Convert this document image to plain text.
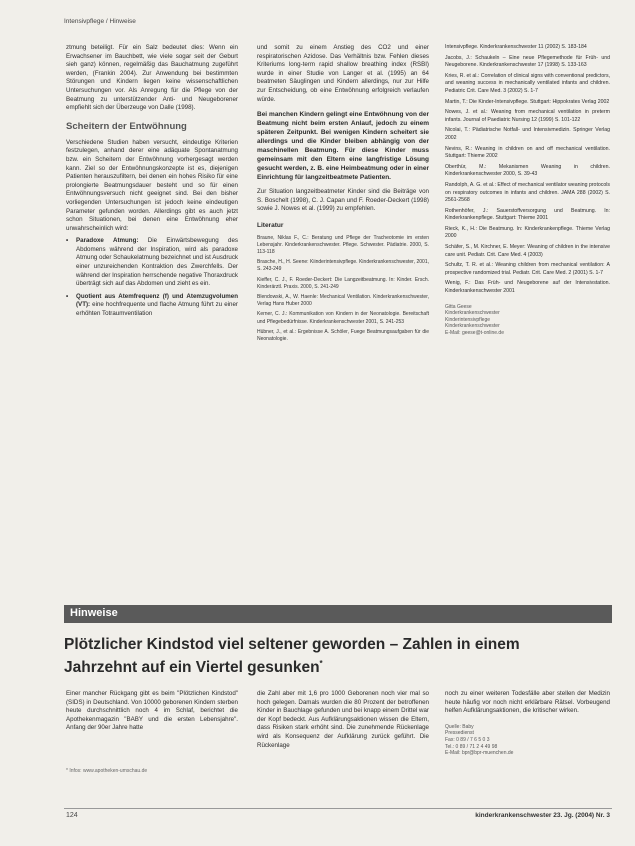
Intensivpflege / Hinweise

ztmung beteiligt. Für ein Salz bedeutet dies: Wenn ein Erwachsener im Bauchbett, wie viele sogar seit der Geburt sieh ganz) können, regelmäßig das Bauchatmung zugeführt werden, (Frankin 2004). Zur Anwendung bei bestimmten Störungen und Kindern liegen keine wissenschaftlichen Untersuchungen vor. Als Anregung für die Pflege von der Beatmung zu unterstützender Anti- und Neugeborener empfiehlt sich der Überzeuge von Dalle (1998).

Scheitern der Entwöhnung

Verschiedene Studien haben versucht, eindeutige Kriterien festzulegen, anhand derer eine adäquate Spontanatmung bzw. ein Scheitern der Entwöhnung vorhergesagt werden kann. Ziel so der Entwöhnungskonzepte ist es, diejenigen Patienten herauszufiltern, bei denen ein hohes Risiko für eine prolongierte Beatmungsdauer besteht und so für einen Entwöhnungsversuch nicht geeignet sind. Bei den bisher vorliegenden Untersuchungen ist jedoch keine eindeutigen Parameter gefunden worden. Allerdings gibt es auch jetzt schon Situationen, bei denen eine Entwöhnung eher unwahrscheinlich wird:

• Paradoxe Atmung: Die Einwärtsbewegung des Abdomens während der Inspiration, wird als paradoxe Atmung oder Schaukelatmung bezeichnet und ist Ausdruck einer unzureichenden Kontraktion des Zwerchfells. Der während der Inspiration herrschende negative Thoraxdruck überträgt sich auf das Abdomen und zieht es ein.
• Quotient aus Atemfrequenz (f) und Atemzugvolumen (VT): eine hochfrequente und flache Atmung führt zu einer erhöhten Totraumventilation

und somit zu einem Anstieg des CO2 und einer respiratorischen Azidose. Das Verhältnis bzw. Fehlen dieses Kriteriums long-term rapid shallow breathing index (RSBI) wurde in einer Studie von Langer et al. (1995) an 64 beatmeten Säuglingen und Kindern allerdings, nur zur Hilfe zur Entscheidung, ob eine Entwöhnung erfolgreich verlaufen würde.

Bei manchen Kindern gelingt eine Entwöhnung von der Beatmung nicht beim ersten Anlauf, jedoch zu einem späteren Zeitpunkt. Bei wenigen Kindern scheitert sie allerdings und die Kinder bleiben abhängig von der maschinellen Beatmung. Für diese Kinder muss gemeinsam mit den Eltern eine langfristige Lösung gesucht werden, z. B. eine Heimbeatmung oder in einer Einrichtung für langzeitbeatmete Patienten.

Zur Situation langzeitbeatmeter Kinder sind die Beiträge von S. Boschelt (1998), C. J. Capan und F. Roeder-Deckert (1998) sowie J. Nowes et al. (1999) zu empfehlen.

Literatur

Braune, Niklas F., C.: Beratung und Pflege der Tracheotomie im ersten Lebensjahr. Kinderkrankenschwester. Pflege. Schwester. Pädiatrie. 2000, S. 113-118

Brasche, H., H. Seene: Kiinderintensivpflege. Kinderkrankenschwester, 2001, S. 243-249

Kieffer, C. J., F. Roeder-Deckert: Die Langzeitbeatmung. In: Kinder. Ersch. Kinderärztl. Praxis. 2000, S. 241-249

Blendowski, A., W. Haenle: Mechanical Ventilation. Kinderkrankenschwester, Verlag Hans Huber 2000

Kerner, C. J.: Kommunikation von Kindern in der Neonatologie. Bereitschaft und Pflegebedürfnisse. Kinderkrankenschwester 2001, S. 241-253

Hübner, J., et al.: Ergebnisse A. Schöler, Fuege Beatmungsaufgaben für die Neonatologie.

Intensivpflege. Kinderkrankenschwester 11 (2002) S. 183-184

Jacobs, J.: Schaukeln – Eine neue Pflegemethode für Früh- und Neugeborene. Kinderkrankenschwester 17 (1998) S. 133-163

Kries, R. et al.: Correlation of clinical signs with conventional predictors, and weaning success in mechanically ventilated infants and children. Pediatric Crit. Care Med. 3 (2002) S. 1-7

Martin, T.: Die Kinder-Intensivpflege. Stuttgart: Hippokrates Verlag 2002

Nowes, J. et al.: Weaning from mechanical ventilation in preterm infants. Journal of Paediatric Nursing 12 (1999) S. 101-122

Nicolai, T.: Pädiatrische Notfall- und Intensivmedizin. Springer Verlag 2002

Nevins, R.: Weaning in children on and off mechanical ventilation. Stuttgart: Thieme 2002

Oberthür, M.: Mekanismen Weaning in children. Kinderkrankenschwester 2000, S. 39-43

Randolph, A. G. et al.: Effect of mechanical ventilator weaning protocols on respiratory outcomes in infants and children. JAMA 288 (2002) S. 2561-2568

Rothenhöfer, J.: Sauerstoffversorgung und Beatmung. In: Kinderkrankenpflege. Stuttgart: Thieme 2001

Rieck, K., H.: Die Beatmung. In: Kinderkrankenpflege. Thieme Verlag 2000

Schäfer, S., M. Kirchner, E. Meyer: Weaning of children in the intensive care unit. Pediatr. Crit. Care Med. 4 (2003)

Schultz, T. R. et al.: Weaning children from mechanical ventilation: A prospective randomized trial. Pediatr. Crit. Care Med. 2 (2001) S. 1-7

Wenig, F.: Das Früh- und Neugeborene auf der Intensivstation. Kinderkrankenschwester 2001

Gitta Geese
Kinderkrankenschwester
Kinderintensivpflege
Kinderkrankenschwester
E-Mail: geese@t-online.de
Hinweise
Plötzlicher Kindstod viel seltener geworden – Zahlen in einem Jahrzehnt auf ein Viertel gesunken*

Einer mancher Rückgang gibt es beim "Plötzlichen Kindstod" (SIDS) in Deutschland. Von 10000 geborenen Kindern sterben heute durchschnittlich noch 4 im Schlaf, berichtet die Apothekenmagazin "BABY und die ersten Lebensjahre". Anfang der 90er Jahre hatte

die Zahl aber mit 1,6 pro 1000 Geborenen noch vier mal so hoch gelegen. Damals wurden die 80 Prozent der betroffenen Kinder in Bauchlage gefunden und bei knapp einem Drittel war der Kopf bedeckt. Aus Aufklärungsaktionen wissen die Eltern, dass Risiken stark erhöht sind. Die zunehmende Rückenlage wird als Konsequenz der Aufklärung zurück geführt. Die Rückenlage

noch zu einer weiteren Todesfälle aber stellen der Medizin heute häufig vor noch nicht erklärbare Rätsel. Vorbeugend helfen Aufklärungsaktionen, die kritischer wirken.

Quelle: Baby
Pressedienst
Fax: 0 89 / 7 6 5 0 3
Tel.: 0 89 / 71 2 4 49 98
E-Mail: bpr@bpr-muenchen.de
* Infos: www.apotheken-umschau.de
124	kinderkrankenschwester 23. Jg. (2004) Nr. 3
